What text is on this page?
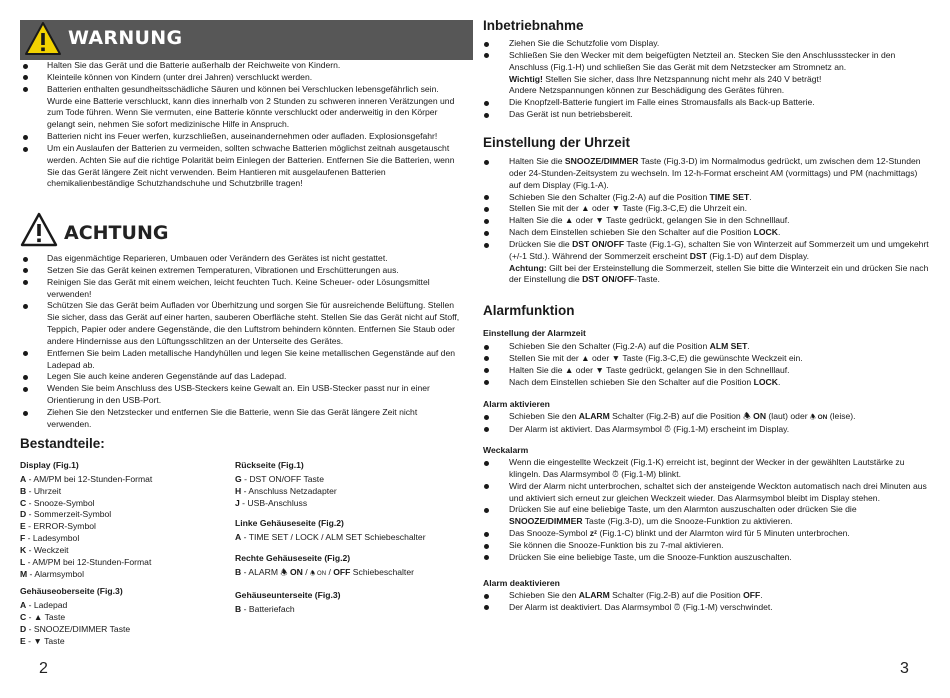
WARNUNG
Halten Sie das Gerät und die Batterie außerhalb der Reichweite von Kindern.
Kleinteile können von Kindern (unter drei Jahren) verschluckt werden.
Batterien enthalten gesundheitsschädliche Säuren und können bei Verschlucken lebensgefährlich sein. Wurde eine Batterie verschluckt, kann dies innerhalb von 2 Stunden zu schweren inneren Verätzungen und zum Tode führen. Wenn Sie vermuten, eine Batterie könnte verschluckt oder anderweitig in den Körper gelangt sein, nehmen Sie sofort medizinische Hilfe in Anspruch.
Batterien nicht ins Feuer werfen, kurzschließen, auseinandernehmen oder aufladen. Explosionsgefahr!
Um ein Auslaufen der Batterien zu vermeiden, sollten schwache Batterien möglichst zeitnah ausgetauscht werden. Achten Sie auf die richtige Polarität beim Einlegen der Batterien. Entfernen Sie die Batterien, wenn Sie das Gerät längere Zeit nicht verwenden. Beim Hantieren mit ausgelaufenen Batterien chemikalienbeständige Schutzhandschuhe und Schutzbrille tragen!
ACHTUNG
Das eigenmächtige Reparieren, Umbauen oder Verändern des Gerätes ist nicht gestattet.
Setzen Sie das Gerät keinen extremen Temperaturen, Vibrationen und Erschütterungen aus.
Reinigen Sie das Gerät mit einem weichen, leicht feuchten Tuch. Keine Scheuer- oder Lösungsmittel verwenden!
Schützen Sie das Gerät beim Aufladen vor Überhitzung und sorgen Sie für ausreichende Belüftung. Stellen Sie sicher, dass das Gerät auf einer harten, sauberen Oberfläche steht. Stellen Sie das Gerät nicht auf Stoff, Teppich, Papier oder andere Gegenstände, die den Luftstrom behindern könnten. Entfernen Sie Staub oder andere Hindernisse aus den Lüftungsschlitzen an der Unterseite des Gerätes.
Entfernen Sie beim Laden metallische Handyhüllen und legen Sie keine metallischen Gegenstände auf den Ladepad ab.
Legen Sie auch keine anderen Gegenstände auf das Ladepad.
Wenden Sie beim Anschluss des USB-Steckers keine Gewalt an. Ein USB-Stecker passt nur in einer Orientierung in den USB-Port.
Ziehen Sie den Netzstecker und entfernen Sie die Batterie, wenn Sie das Gerät längere Zeit nicht verwenden.
Bestandteile:
Display (Fig.1)
A - AM/PM bei 12-Stunden-Format
B - Uhrzeit
C - Snooze-Symbol
D - Sommerzeit-Symbol
E - ERROR-Symbol
F - Ladesymbol
K - Weckzeit
L - AM/PM bei 12-Stunden-Format
M - Alarmsymbol
Gehäuseoberseite (Fig.3)
A - Ladepad
C - ▲ Taste
D - SNOOZE/DIMMER Taste
E - ▼ Taste
Rückseite (Fig.1)
G - DST ON/OFF Taste
H - Anschluss Netzadapter
J - USB-Anschluss
Linke Gehäuseseite (Fig.2)
A - TIME SET / LOCK / ALM SET Schiebeschalter
Rechte Gehäuseseite (Fig.2)
B - ALARM 🕭︎ ON / 🕭︎ ON / OFF Schiebeschalter
Gehäuseunterseite (Fig.3)
B - Batteriefach
2
Inbetriebnahme
Ziehen Sie die Schutzfolie vom Display.
Schließen Sie den Wecker mit dem beigefügten Netzteil an. Stecken Sie den Anschlussstecker in den Anschluss (Fig.1-H) und schließen Sie das Gerät mit dem Netzstecker am Stromnetz an.
Wichtig! Stellen Sie sicher, dass Ihre Netzspannung nicht mehr als 240 V beträgt!
Andere Netzspannungen können zur Beschädigung des Gerätes führen.
Die Knopfzell-Batterie fungiert im Falle eines Stromausfalls als Back-up Batterie.
Das Gerät ist nun betriebsbereit.
Einstellung der Uhrzeit
Halten Sie die SNOOZE/DIMMER Taste (Fig.3-D) im Normalmodus gedrückt, um zwischen dem 12-Stunden oder 24-Stunden-Zeitsystem zu wechseln. Im 12-h-Format erscheint AM (vormittags) und PM (nachmittags) auf dem Display (Fig.1-A).
Schieben Sie den Schalter (Fig.2-A) auf die Position TIME SET.
Stellen Sie mit der ▲ oder ▼ Taste (Fig.3-C,E) die Uhrzeit ein.
Halten Sie die ▲ oder ▼ Taste gedrückt, gelangen Sie in den Schnelllauf.
Nach dem Einstellen schieben Sie den Schalter auf die Position LOCK.
Drücken Sie die DST ON/OFF Taste (Fig.1-G), schalten Sie von Winterzeit auf Sommerzeit um und umgekehrt (+/-1 Std.). Während der Sommerzeit erscheint DST (Fig.1-D) auf dem Display.
Achtung: Gilt bei der Ersteinstellung die Sommerzeit, stellen Sie bitte die Winterzeit ein und drücken Sie nach der Einstellung die DST ON/OFF-Taste.
Alarmfunktion
Einstellung der Alarmzeit
Schieben Sie den Schalter (Fig.2-A) auf die Position ALM SET.
Stellen Sie mit der ▲ oder ▼ Taste (Fig.3-C,E) die gewünschte Weckzeit ein.
Halten Sie die ▲ oder ▼ Taste gedrückt, gelangen Sie in den Schnelllauf.
Nach dem Einstellen schieben Sie den Schalter auf die Position LOCK.
Alarm aktivieren
Schieben Sie den ALARM Schalter (Fig.2-B) auf die Position 🕭︎ ON (laut) oder 🕭︎ ON (leise).
Der Alarm ist aktiviert. Das Alarmsymbol ⏰︎ (Fig.1-M) erscheint im Display.
Weckalarm
Wenn die eingestellte Weckzeit (Fig.1-K) erreicht ist, beginnt der Wecker in der gewählten Lautstärke zu klingeln. Das Alarmsymbol ⏰︎ (Fig.1-M) blinkt.
Wird der Alarm nicht unterbrochen, schaltet sich der ansteigende Weckton automatisch nach drei Minuten aus und aktiviert sich erneut zur gleichen Weckzeit wieder. Das Alarmsymbol bleibt im Display stehen.
Drücken Sie auf eine beliebige Taste, um den Alarmton auszuschalten oder drücken Sie die SNOOZE/DIMMER Taste (Fig.3-D), um die Snooze-Funktion zu aktivieren.
Das Snooze-Symbol zᶻ (Fig.1-C) blinkt und der Alarmton wird für 5 Minuten unterbrochen.
Sie können die Snooze-Funktion bis zu 7-mal aktivieren.
Drücken Sie eine beliebige Taste, um die Snooze-Funktion auszuschalten.
Alarm deaktivieren
Schieben Sie den ALARM Schalter (Fig.2-B) auf die Position OFF.
Der Alarm ist deaktiviert. Das Alarmsymbol ⏰︎ (Fig.1-M) verschwindet.
3
